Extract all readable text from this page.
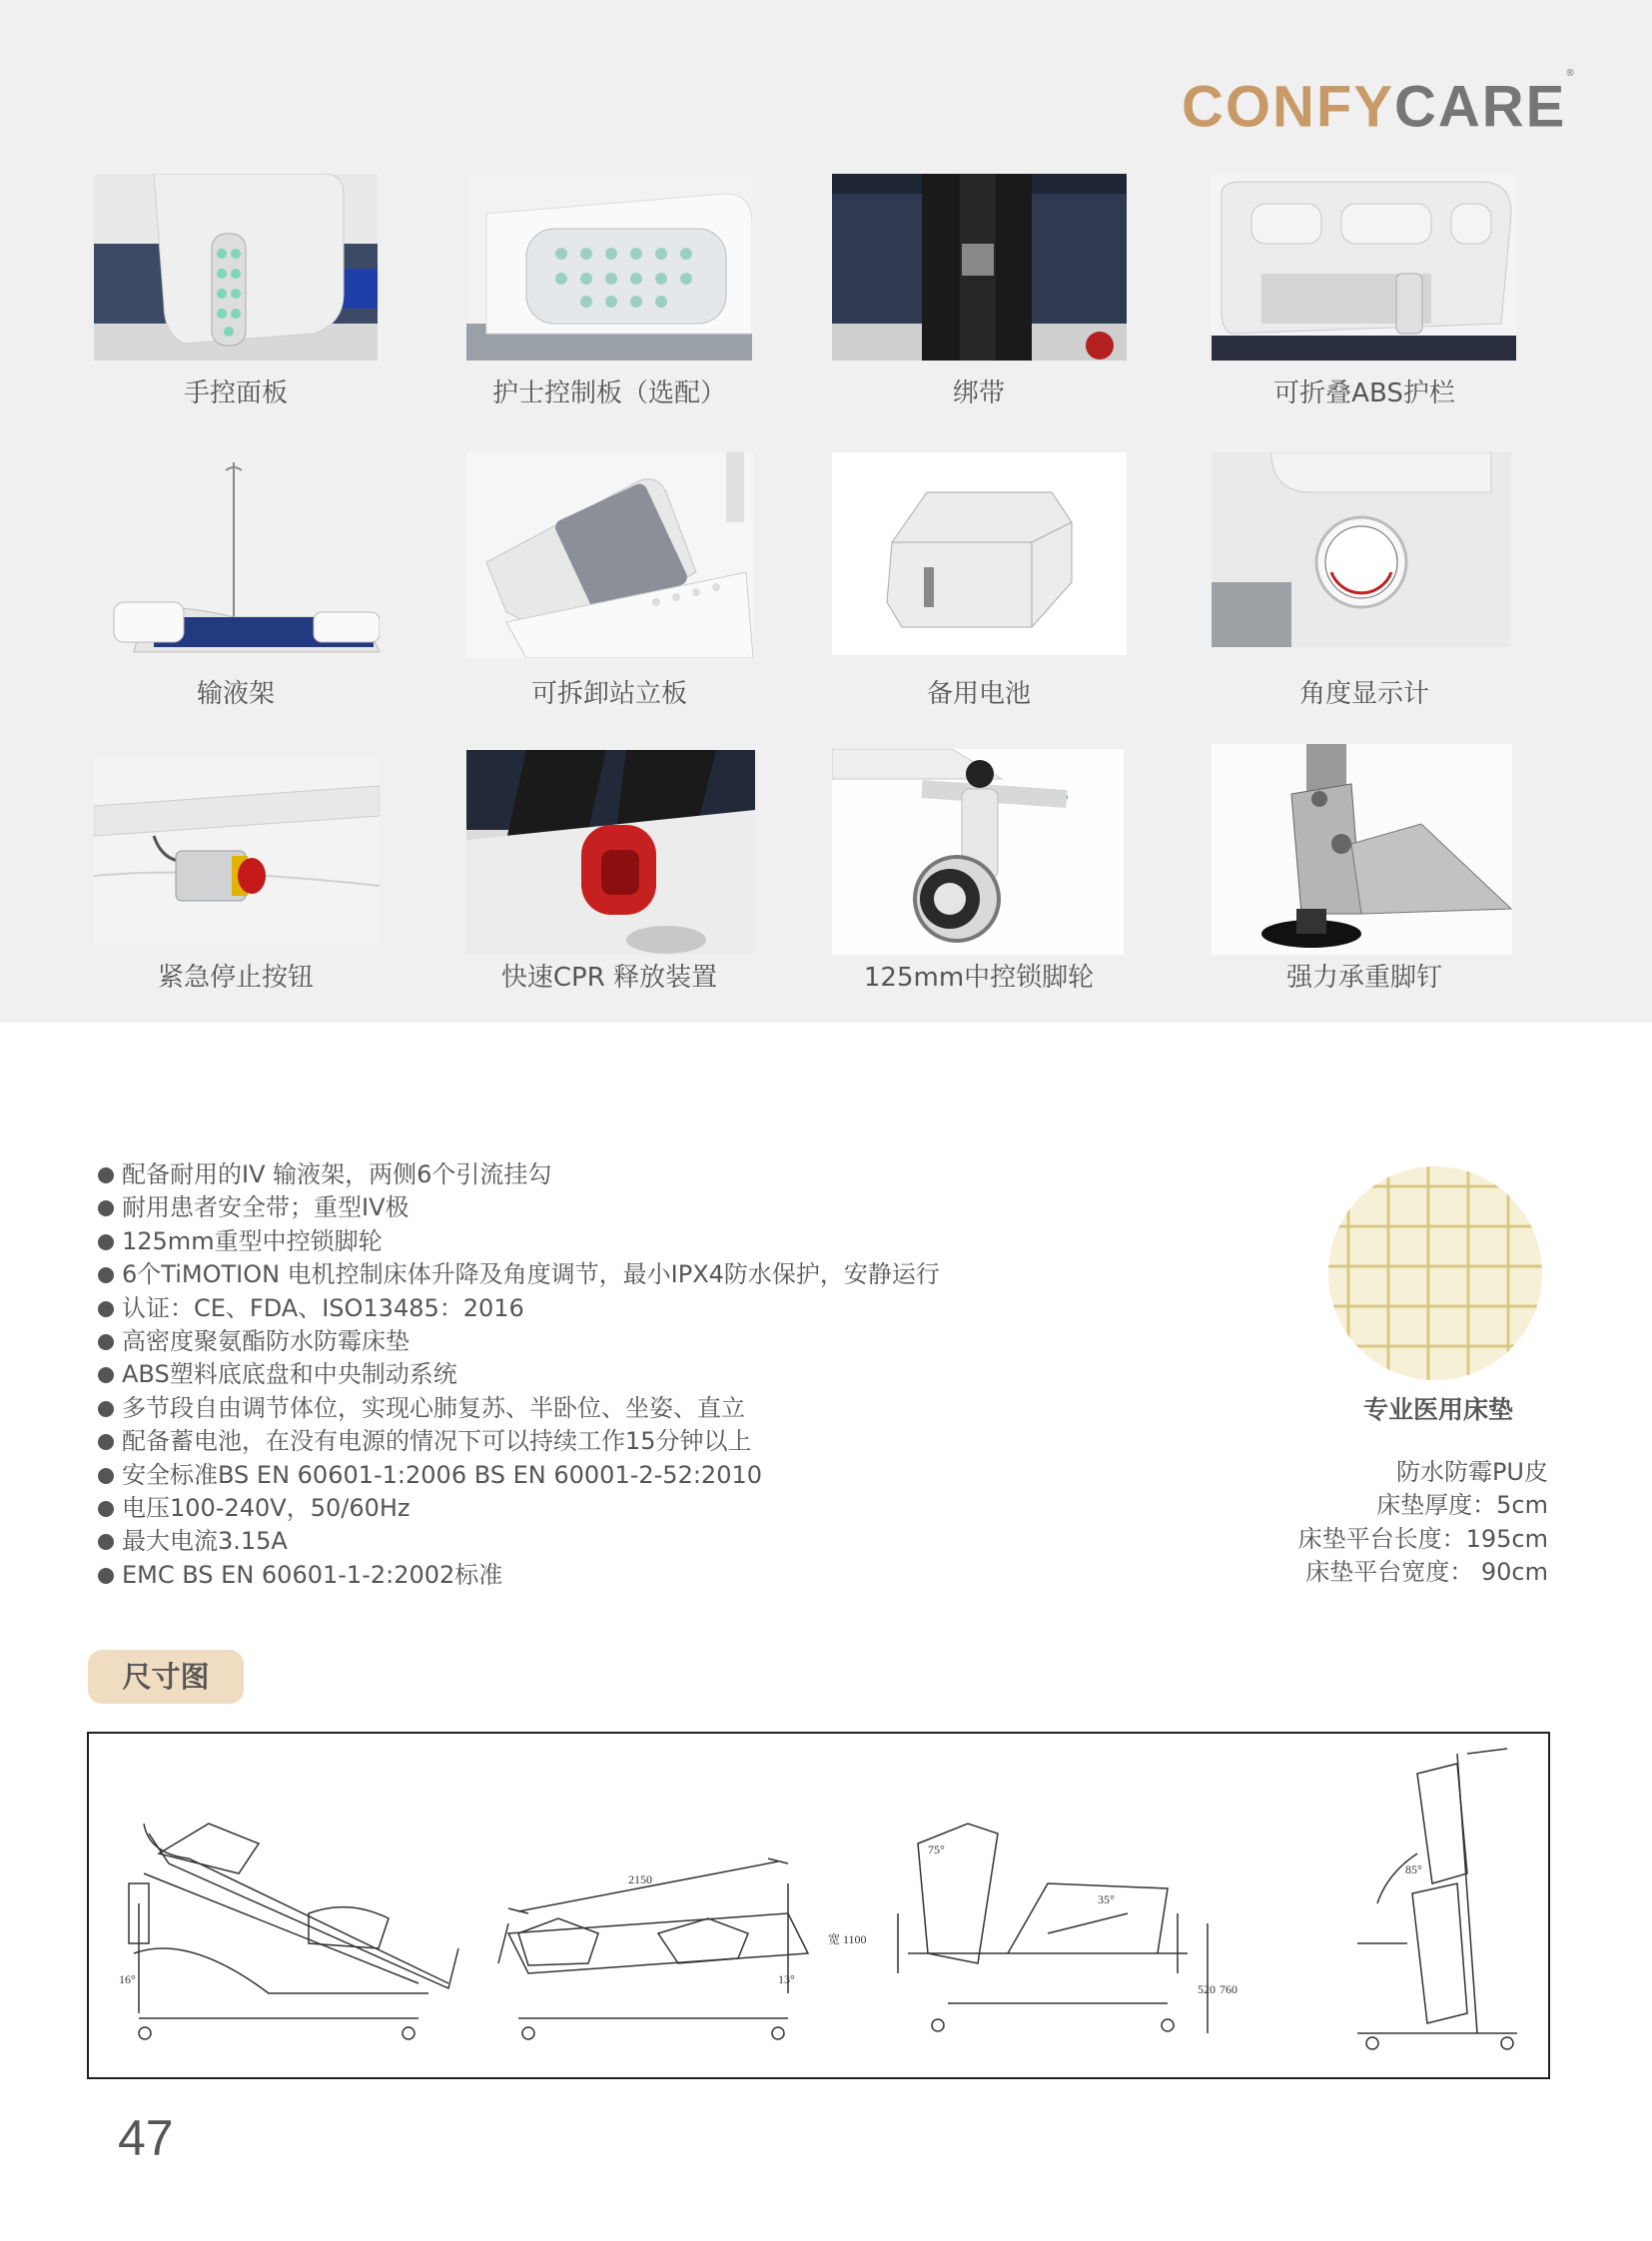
CONFYCARE®
手控面板	护士控制板（选配）	绑带	可折叠ABS护栏
输液架	可拆卸站立板	备用电池	角度显示计
紧急停止按钮	快速CPR 释放装置	125mm中控锁脚轮	强力承重脚钉
配备耐用的IV 输液架，两侧6个引流挂勾
耐用患者安全带；重型IV极
125mm重型中控锁脚轮
6个TiMOTION 电机控制床体升降及角度调节，最小IPX4防水保护，安静运行
认证：CE、FDA、ISO13485：2016
高密度聚氨酯防水防霉床垫
ABS塑料底底盘和中央制动系统
多节段自由调节体位，实现心肺复苏、半卧位、坐姿、直立
配备蓄电池，在没有电源的情况下可以持续工作15分钟以上
安全标准BS EN 60601-1:2006 BS EN 60001-2-52:2010
电压100-240V，50/60Hz
最大电流3.15A
EMC BS EN 60601-1-2:2002标准
专业医用床垫
防水防霉PU皮
床垫厚度：5cm
床垫平台长度：195cm
床垫平台宽度： 90cm
尺寸图
16°
2150
宽 1100
13°
75°
35°
520 760
85°
47
